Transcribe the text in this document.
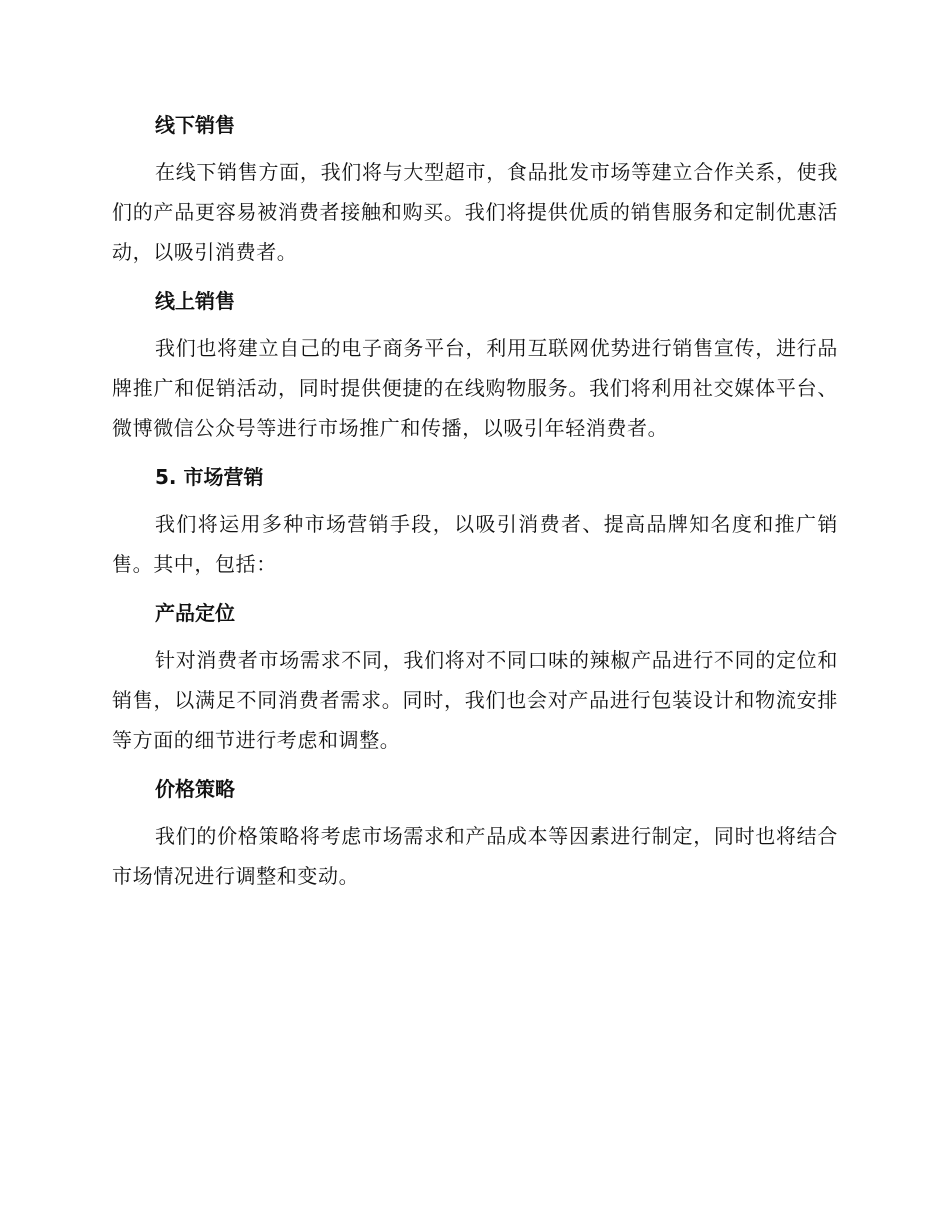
线下销售

在线下销售方面，我们将与大型超市，食品批发市场等建立合作关系，使我们的产品更容易被消费者接触和购买。我们将提供优质的销售服务和定制优惠活动，以吸引消费者。

线上销售

我们也将建立自己的电子商务平台，利用互联网优势进行销售宣传，进行品牌推广和促销活动，同时提供便捷的在线购物服务。我们将利用社交媒体平台、微博微信公众号等进行市场推广和传播，以吸引年轻消费者。

5. 市场营销

我们将运用多种市场营销手段，以吸引消费者、提高品牌知名度和推广销售。其中，包括：

产品定位

针对消费者市场需求不同，我们将对不同口味的辣椒产品进行不同的定位和销售，以满足不同消费者需求。同时，我们也会对产品进行包装设计和物流安排等方面的细节进行考虑和调整。

价格策略

我们的价格策略将考虑市场需求和产品成本等因素进行制定，同时也将结合市场情况进行调整和变动。
